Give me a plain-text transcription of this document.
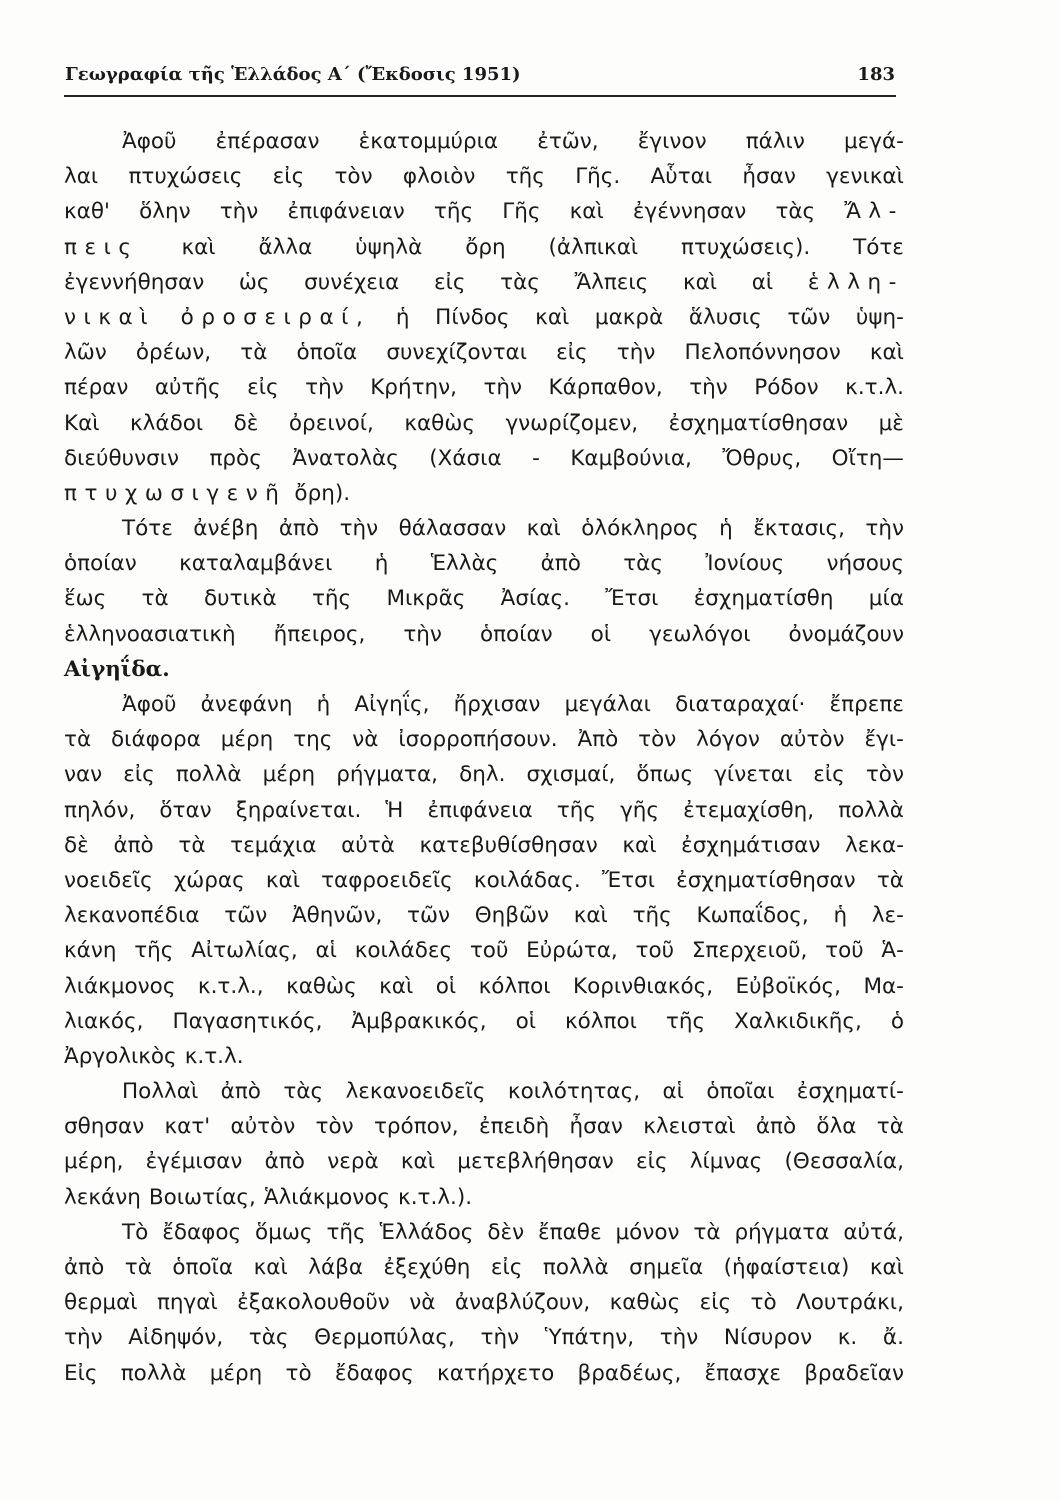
Γεωγραφία τῆς Ἑλλάδος Α΄ (Ἔκδοσις 1951)	183
Ἀφοῦ ἐπέρασαν ἑκατομμύρια ἐτῶν, ἔγινον πάλιν μεγά-
λαι πτυχώσεις εἰς τὸν φλοιὸν τῆς Γῆς. Αὗται ἦσαν γενικαὶ
καθ' ὅλην τὴν ἐπιφάνειαν τῆς Γῆς καὶ ἐγέννησαν τὰς Ἄλ-
πεις καὶ ἄλλα ὑψηλὰ ὄρη (ἀλπικαὶ πτυχώσεις). Τότε
ἐγεννήθησαν ὡς συνέχεια εἰς τὰς Ἄλπεις καὶ αἱ ἑλλη-
νικαὶ ὀροσειραί, ἡ Πίνδος καὶ μακρὰ ἅλυσις τῶν ὑψη-
λῶν ὀρέων, τὰ ὁποῖα συνεχίζονται εἰς τὴν Πελοπόννησον καὶ
πέραν αὐτῆς εἰς τὴν Κρήτην, τὴν Κάρπαθον, τὴν Ρόδον κ.τ.λ.
Καὶ κλάδοι δὲ ὀρεινοί, καθὼς γνωρίζομεν, ἐσχηματίσθησαν μὲ
διεύθυνσιν πρὸς Ἀνατολὰς (Χάσια - Καμβούνια, Ὄθρυς, Οἴτη—
πτυχωσιγενῆ ὄρη).
Τότε ἀνέβη ἀπὸ τὴν θάλασσαν καὶ ὁλόκληρος ἡ ἔκτασις, τὴν
ὁποίαν καταλαμβάνει ἡ Ἑλλὰς ἀπὸ τὰς Ἰονίους νήσους
ἕως τὰ δυτικὰ τῆς Μικρᾶς Ἀσίας. Ἔτσι ἐσχηματίσθη μία
ἑλληνοασιατικὴ ἤπειρος, τὴν ὁποίαν οἱ γεωλόγοι ὀνομάζουν
Αἰγηΐδα.
Ἀφοῦ ἀνεφάνη ἡ Αἰγηΐς, ἤρχισαν μεγάλαι διαταραχαί· ἔπρεπε
τὰ διάφορα μέρη της νὰ ἰσορροπήσουν. Ἀπὸ τὸν λόγον αὐτὸν ἔγι-
ναν εἰς πολλὰ μέρη ρήγματα, δηλ. σχισμαί, ὅπως γίνεται εἰς τὸν
πηλόν, ὅταν ξηραίνεται. Ἡ ἐπιφάνεια τῆς γῆς ἐτεμαχίσθη, πολλὰ
δὲ ἀπὸ τὰ τεμάχια αὐτὰ κατεβυθίσθησαν καὶ ἐσχημάτισαν λεκα-
νοειδεῖς χώρας καὶ ταφροειδεῖς κοιλάδας. Ἔτσι ἐσχηματίσθησαν τὰ
λεκανοπέδια τῶν Ἀθηνῶν, τῶν Θηβῶν καὶ τῆς Κωπαΐδος, ἡ λε-
κάνη τῆς Αἰτωλίας, αἱ κοιλάδες τοῦ Εὐρώτα, τοῦ Σπερχειοῦ, τοῦ Ἁ-
λιάκμονος κ.τ.λ., καθὼς καὶ οἱ κόλποι Κορινθιακός, Εὐβοϊκός, Μα-
λιακός, Παγασητικός, Ἀμβρακικός, οἱ κόλποι τῆς Χαλκιδικῆς, ὁ
Ἀργολικὸς κ.τ.λ.
Πολλαὶ ἀπὸ τὰς λεκανοειδεῖς κοιλότητας, αἱ ὁποῖαι ἐσχηματί-
σθησαν κατ' αὐτὸν τὸν τρόπον, ἐπειδὴ ἦσαν κλεισταὶ ἀπὸ ὅλα τὰ
μέρη, ἐγέμισαν ἀπὸ νερὰ καὶ μετεβλήθησαν εἰς λίμνας (Θεσσαλία,
λεκάνη Βοιωτίας, Ἁλιάκμονος κ.τ.λ.).
Τὸ ἔδαφος ὅμως τῆς Ἑλλάδος δὲν ἔπαθε μόνον τὰ ρήγματα αὐτά,
ἀπὸ τὰ ὁποῖα καὶ λάβα ἐξεχύθη εἰς πολλὰ σημεῖα (ἡφαίστεια) καὶ
θερμαὶ πηγαὶ ἐξακολουθοῦν νὰ ἀναβλύζουν, καθὼς εἰς τὸ Λουτράκι,
τὴν Αἰδηψόν, τὰς Θερμοπύλας, τὴν Ὑπάτην, τὴν Νίσυρον κ. ἄ.
Εἰς πολλὰ μέρη τὸ ἔδαφος κατήρχετο βραδέως, ἔπασχε βραδεῖαν
